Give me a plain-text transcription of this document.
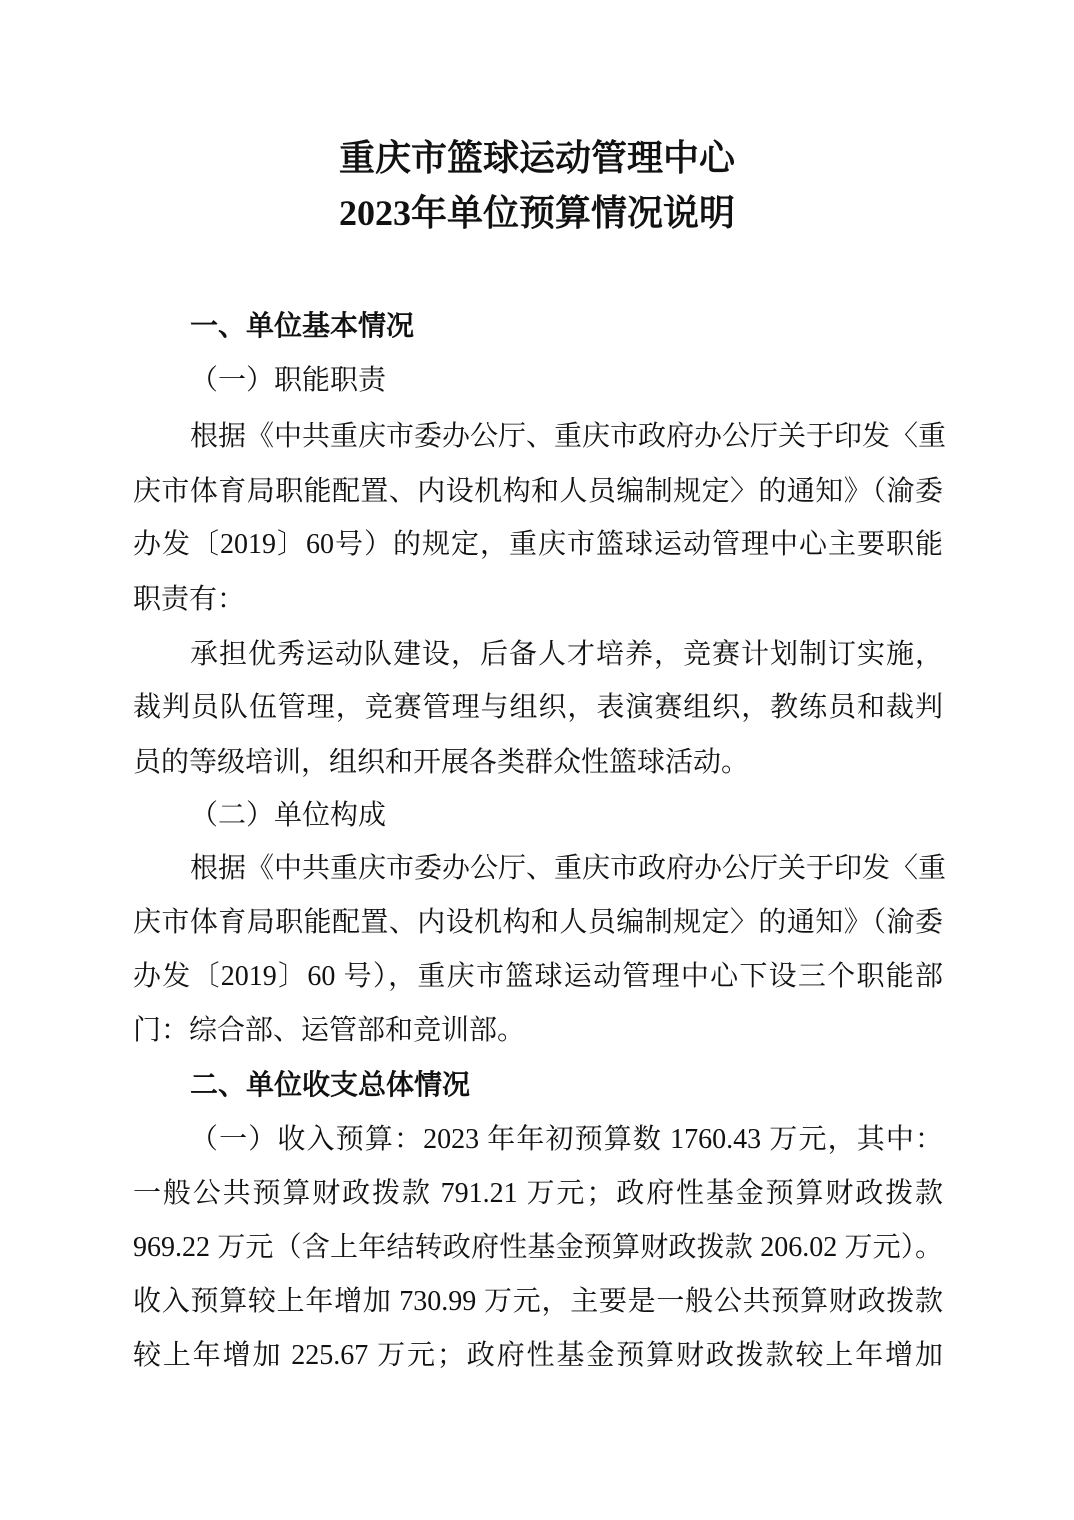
重庆市篮球运动管理中心
2023年单位预算情况说明
一、单位基本情况
（一）职能职责
根据《中共重庆市委办公厅、重庆市政府办公厅关于印发〈重
庆市体育局职能配置、内设机构和人员编制规定〉的通知》（渝委
办发〔2019〕60号）的规定，重庆市篮球运动管理中心主要职能
职责有：
承担优秀运动队建设，后备人才培养，竞赛计划制订实施，
裁判员队伍管理，竞赛管理与组织，表演赛组织，教练员和裁判
员的等级培训，组织和开展各类群众性篮球活动。
（二）单位构成
根据《中共重庆市委办公厅、重庆市政府办公厅关于印发〈重
庆市体育局职能配置、内设机构和人员编制规定〉的通知》（渝委
办发〔2019〕60 号），重庆市篮球运动管理中心下设三个职能部
门：综合部、运管部和竞训部。
二、单位收支总体情况
（一）收入预算：2023 年年初预算数 1760.43 万元，其中：
一般公共预算财政拨款 791.21 万元；政府性基金预算财政拨款
969.22 万元（含上年结转政府性基金预算财政拨款 206.02 万元）。
收入预算较上年增加 730.99 万元，主要是一般公共预算财政拨款
较上年增加 225.67 万元；政府性基金预算财政拨款较上年增加
